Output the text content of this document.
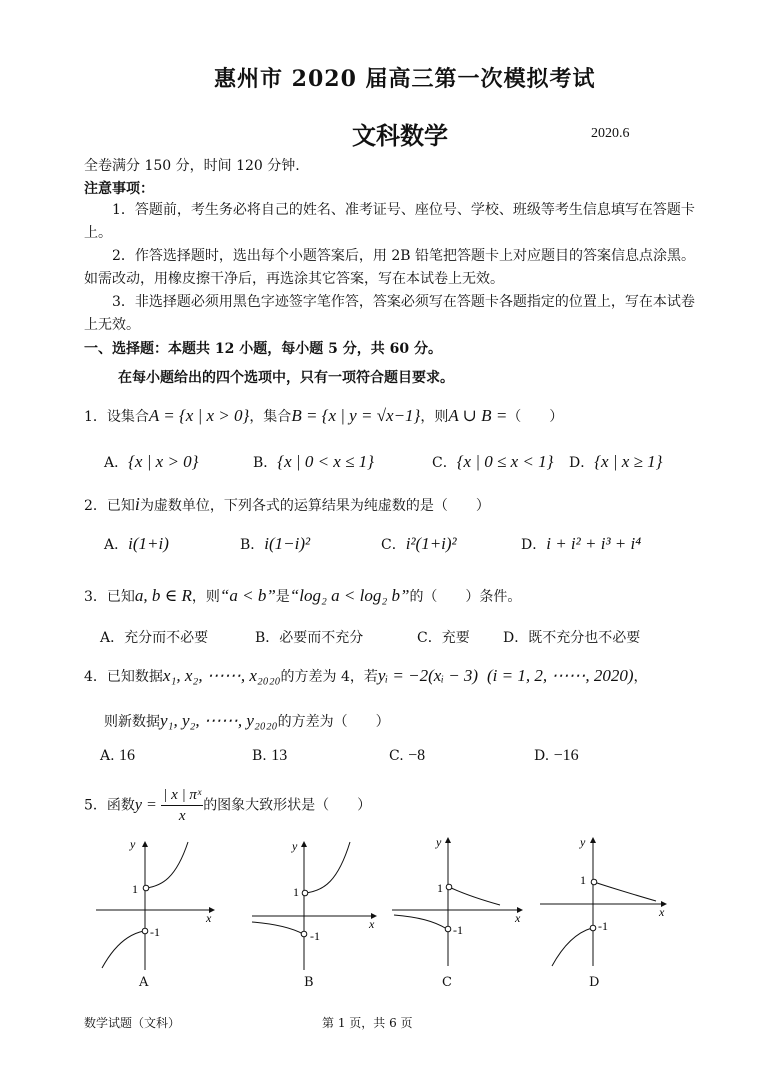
惠州市 2020 届高三第一次模拟考试
文科数学	2020.6
全卷满分 150 分，时间 120 分钟.
注意事项：
1．答题前，考生务必将自己的姓名、准考证号、座位号、学校、班级等考生信息填写在答题卡上。
2．作答选择题时，选出每个小题答案后，用 2B 铅笔把答题卡上对应题目的答案信息点涂黑。如需改动，用橡皮擦干净后，再选涂其它答案，写在本试卷上无效。
3．非选择题必须用黑色字迹签字笔作答，答案必须写在答题卡各题指定的位置上，写在本试卷上无效。
一、选择题：本题共 12 小题，每小题 5 分，共 60 分。
在每小题给出的四个选项中，只有一项符合题目要求。
1．设集合A = {x | x > 0}，集合B = {x | y = √x−1}，则A ∪ B =（　　）
A．{x | x > 0}	B．{x | 0 < x ≤ 1}	C．{x | 0 ≤ x < 1} D．{x | x ≥ 1}
2．已知i为虚数单位，下列各式的运算结果为纯虚数的是（　　）
A．i(1+i)	B．i(1−i)²	C．i²(1+i)²	D．i + i² + i³ + i⁴
3．已知a, b ∈ R，则“a < b”是“log₂ a < log₂ b”的（　　）条件。
A．充分而不必要	B．必要而不充分	C．充要 D．既不充分也不必要
4．已知数据x₁, x₂, ⋯⋯, x₂₀₂₀的方差为 4，若yᵢ = −2(xᵢ − 3) (i = 1, 2, ⋯⋯, 2020)，
则新数据y₁, y₂, ⋯⋯, y₂₀₂₀的方差为（　　）
A. 16	B. 13	C. −8	D. −16
5．函数$y = \frac{\text{| x | πˣ}}{x}$ 的图象大致形状是（　　）
y
x
1
-1
A
y
x
1
-1
B
y
x
1
-1
C
y
x
1
-1
D
数学试题（文科）	第 1 页，共 6 页
